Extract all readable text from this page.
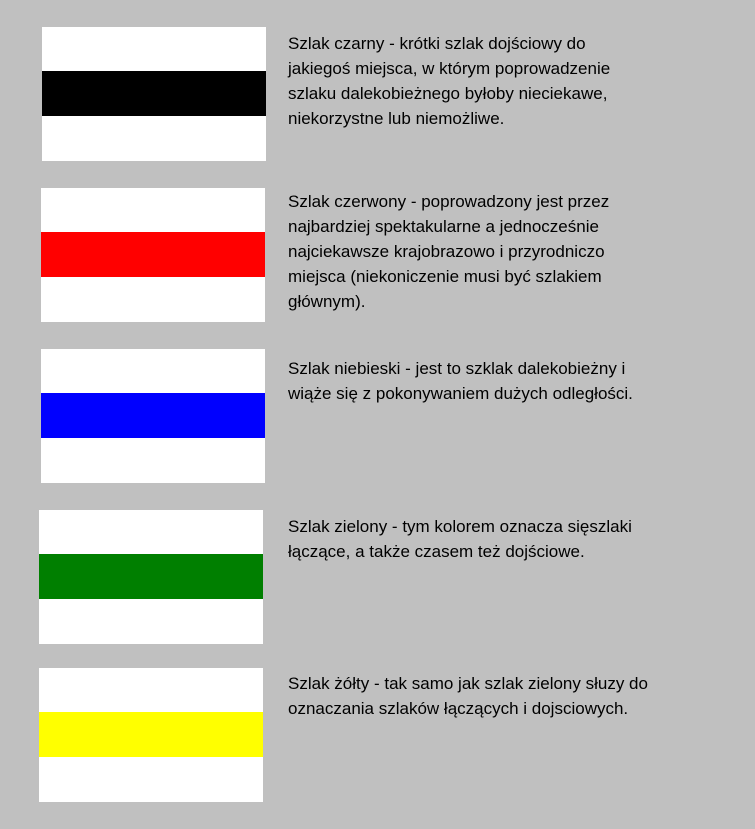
Szlak czarny - krótki szlak dojściowy do
jakiegoś miejsca, w którym poprowadzenie
szlaku dalekobieżnego byłoby nieciekawe,
niekorzystne lub niemożliwe.

Szlak czerwony - poprowadzony jest przez
najbardziej spektakularne a jednocześnie
najciekawsze krajobrazowo i przyrodniczo
miejsca (niekoniczenie musi być szlakiem
głównym).

Szlak niebieski - jest to szklak dalekobieżny i
wiąże się z pokonywaniem dużych odległości.

Szlak zielony - tym kolorem oznacza sięszlaki
łączące, a także czasem też dojściowe.

Szlak żółty - tak samo jak szlak zielony słuzy do
oznaczania szlaków łączących i dojsciowych.
